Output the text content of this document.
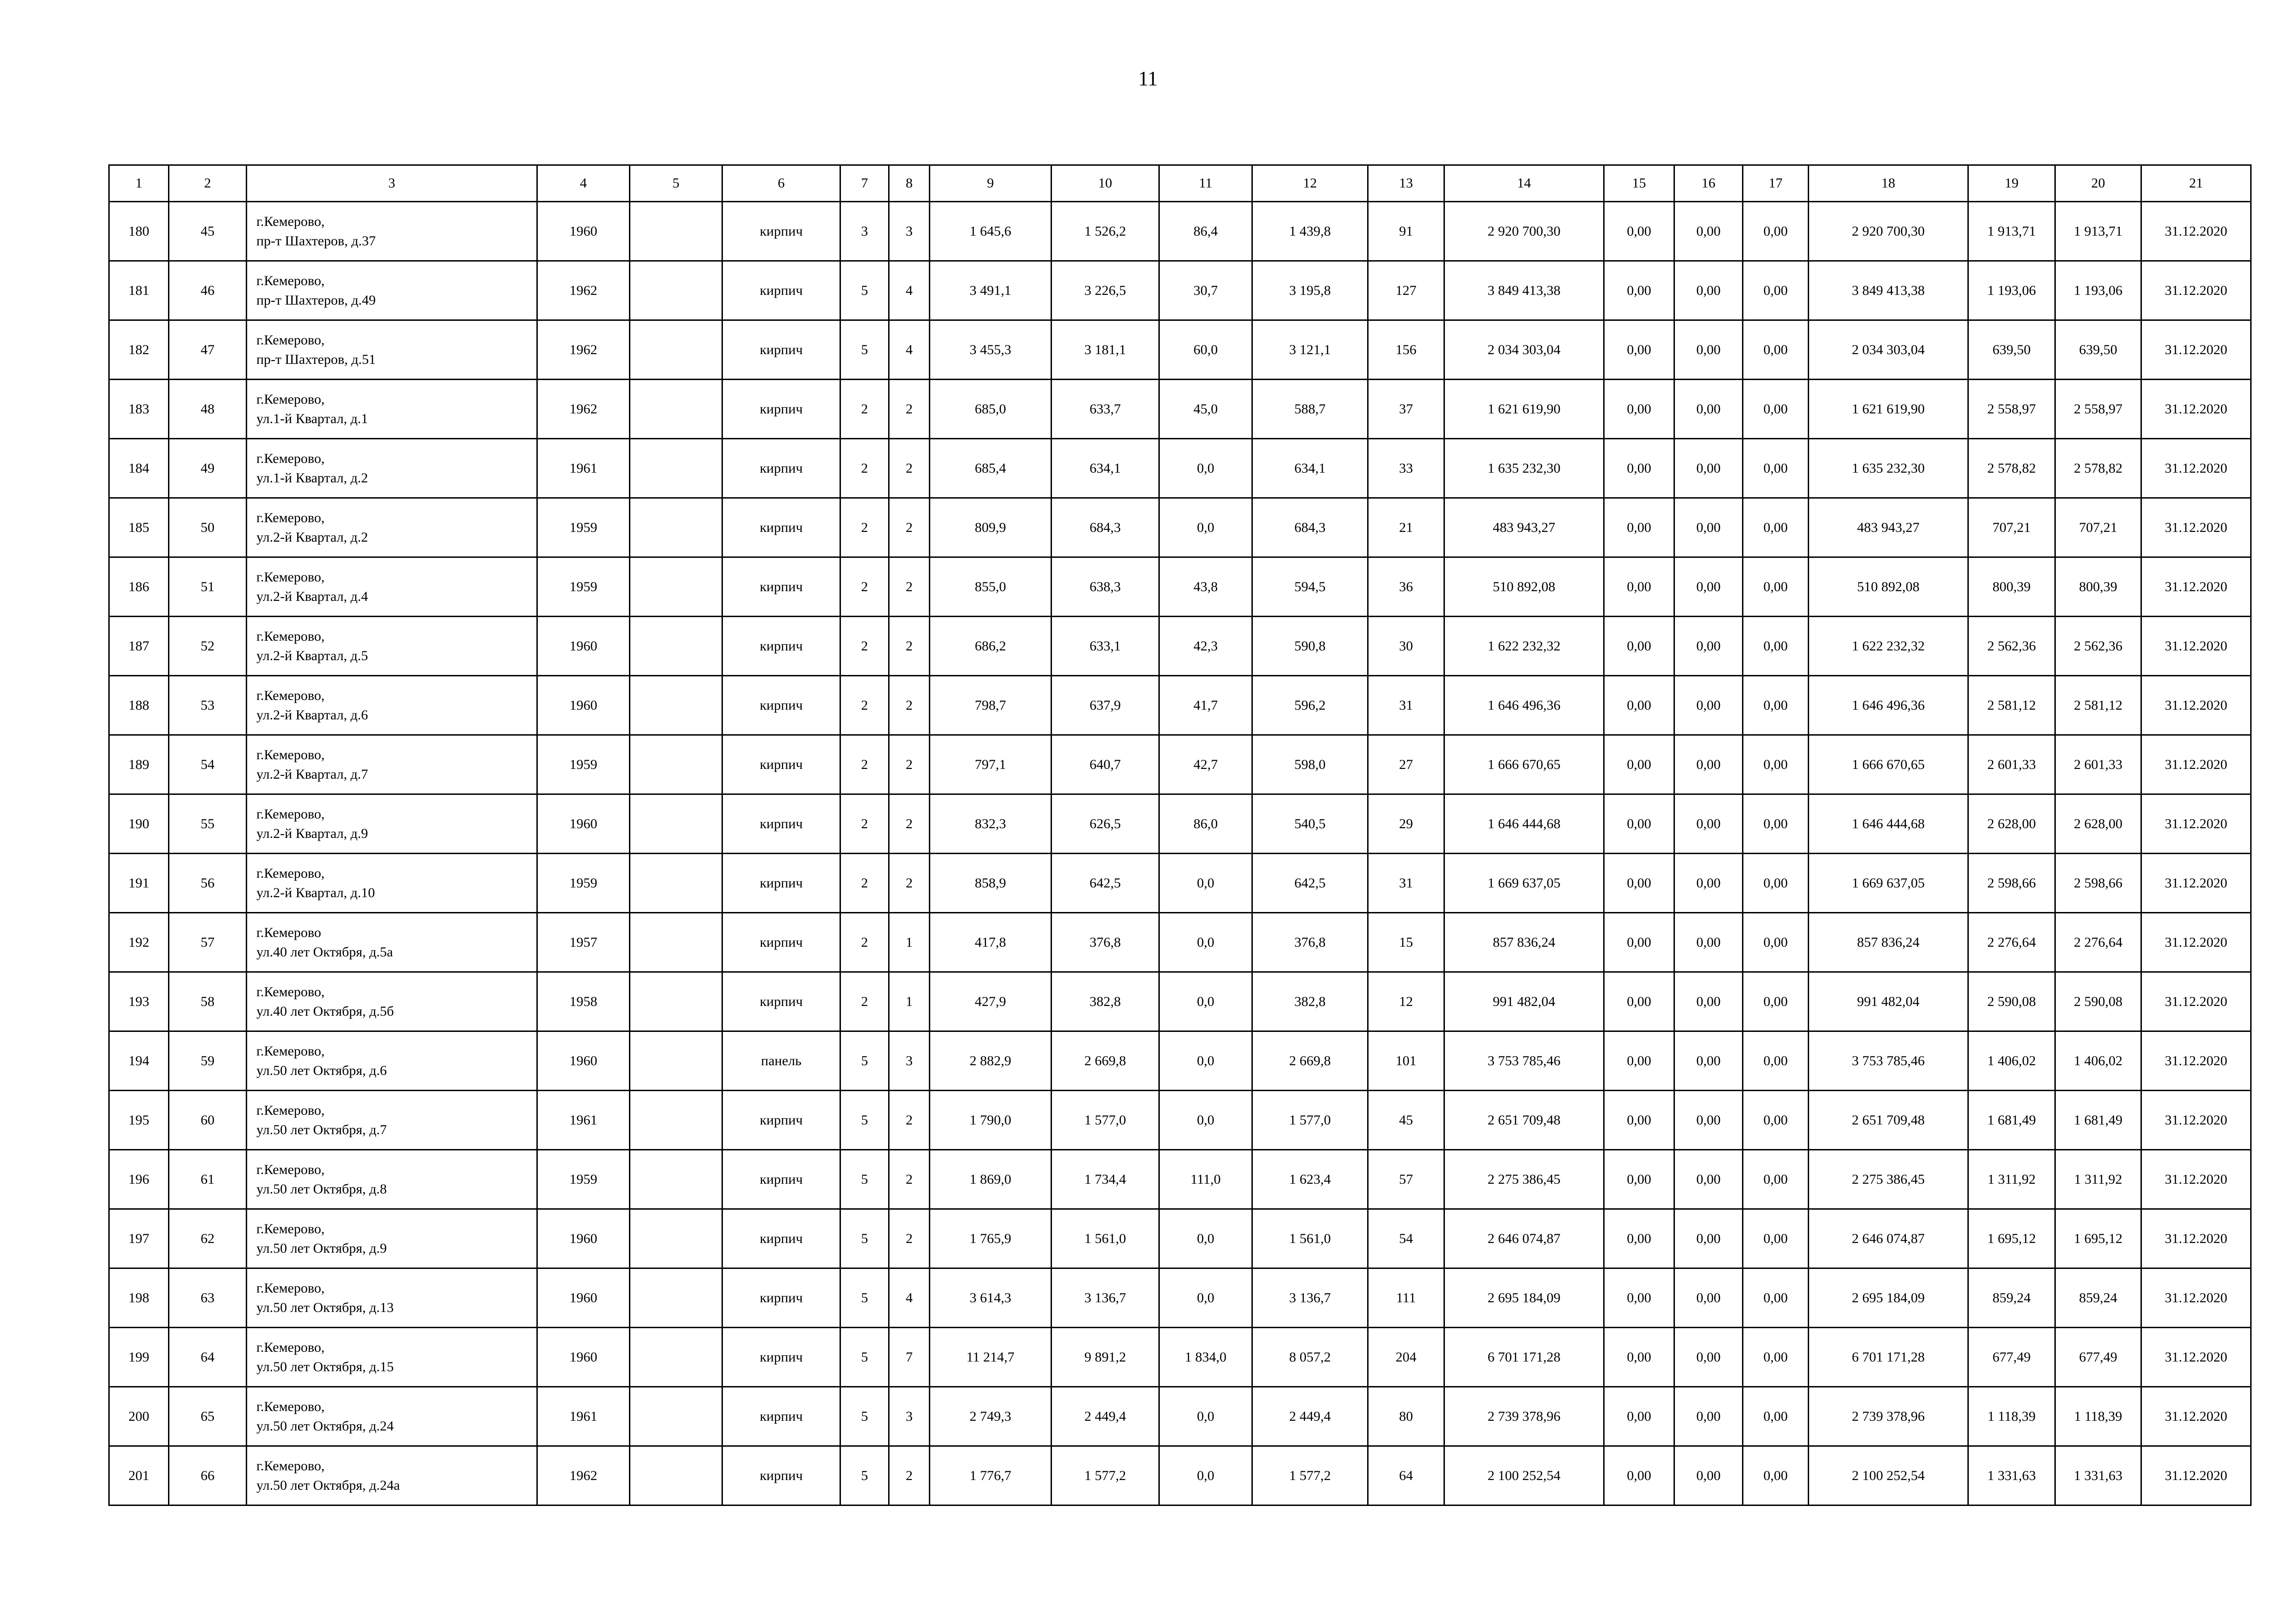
11
1	2	3	4	5	6	7	8	9	10	11	12	13	14	15	16	17	18	19	20	21
180	45	г.Кемерово,
пр-т Шахтеров, д.37	1960		кирпич	3	3	1 645,6	1 526,2	86,4	1 439,8	91	2 920 700,30	0,00	0,00	0,00	2 920 700,30	1 913,71	1 913,71	31.12.2020
181	46	г.Кемерово,
пр-т Шахтеров, д.49	1962		кирпич	5	4	3 491,1	3 226,5	30,7	3 195,8	127	3 849 413,38	0,00	0,00	0,00	3 849 413,38	1 193,06	1 193,06	31.12.2020
182	47	г.Кемерово,
пр-т Шахтеров, д.51	1962		кирпич	5	4	3 455,3	3 181,1	60,0	3 121,1	156	2 034 303,04	0,00	0,00	0,00	2 034 303,04	639,50	639,50	31.12.2020
183	48	г.Кемерово,
ул.1-й Квартал, д.1	1962		кирпич	2	2	685,0	633,7	45,0	588,7	37	1 621 619,90	0,00	0,00	0,00	1 621 619,90	2 558,97	2 558,97	31.12.2020
184	49	г.Кемерово,
ул.1-й Квартал, д.2	1961		кирпич	2	2	685,4	634,1	0,0	634,1	33	1 635 232,30	0,00	0,00	0,00	1 635 232,30	2 578,82	2 578,82	31.12.2020
185	50	г.Кемерово,
ул.2-й Квартал, д.2	1959		кирпич	2	2	809,9	684,3	0,0	684,3	21	483 943,27	0,00	0,00	0,00	483 943,27	707,21	707,21	31.12.2020
186	51	г.Кемерово,
ул.2-й Квартал, д.4	1959		кирпич	2	2	855,0	638,3	43,8	594,5	36	510 892,08	0,00	0,00	0,00	510 892,08	800,39	800,39	31.12.2020
187	52	г.Кемерово,
ул.2-й Квартал, д.5	1960		кирпич	2	2	686,2	633,1	42,3	590,8	30	1 622 232,32	0,00	0,00	0,00	1 622 232,32	2 562,36	2 562,36	31.12.2020
188	53	г.Кемерово,
ул.2-й Квартал, д.6	1960		кирпич	2	2	798,7	637,9	41,7	596,2	31	1 646 496,36	0,00	0,00	0,00	1 646 496,36	2 581,12	2 581,12	31.12.2020
189	54	г.Кемерово,
ул.2-й Квартал, д.7	1959		кирпич	2	2	797,1	640,7	42,7	598,0	27	1 666 670,65	0,00	0,00	0,00	1 666 670,65	2 601,33	2 601,33	31.12.2020
190	55	г.Кемерово,
ул.2-й Квартал, д.9	1960		кирпич	2	2	832,3	626,5	86,0	540,5	29	1 646 444,68	0,00	0,00	0,00	1 646 444,68	2 628,00	2 628,00	31.12.2020
191	56	г.Кемерово,
ул.2-й Квартал, д.10	1959		кирпич	2	2	858,9	642,5	0,0	642,5	31	1 669 637,05	0,00	0,00	0,00	1 669 637,05	2 598,66	2 598,66	31.12.2020
192	57	г.Кемерово
ул.40 лет Октября, д.5а	1957		кирпич	2	1	417,8	376,8	0,0	376,8	15	857 836,24	0,00	0,00	0,00	857 836,24	2 276,64	2 276,64	31.12.2020
193	58	г.Кемерово,
ул.40 лет Октября, д.5б	1958		кирпич	2	1	427,9	382,8	0,0	382,8	12	991 482,04	0,00	0,00	0,00	991 482,04	2 590,08	2 590,08	31.12.2020
194	59	г.Кемерово,
ул.50 лет Октября, д.6	1960		панель	5	3	2 882,9	2 669,8	0,0	2 669,8	101	3 753 785,46	0,00	0,00	0,00	3 753 785,46	1 406,02	1 406,02	31.12.2020
195	60	г.Кемерово,
ул.50 лет Октября, д.7	1961		кирпич	5	2	1 790,0	1 577,0	0,0	1 577,0	45	2 651 709,48	0,00	0,00	0,00	2 651 709,48	1 681,49	1 681,49	31.12.2020
196	61	г.Кемерово,
ул.50 лет Октября, д.8	1959		кирпич	5	2	1 869,0	1 734,4	111,0	1 623,4	57	2 275 386,45	0,00	0,00	0,00	2 275 386,45	1 311,92	1 311,92	31.12.2020
197	62	г.Кемерово,
ул.50 лет Октября, д.9	1960		кирпич	5	2	1 765,9	1 561,0	0,0	1 561,0	54	2 646 074,87	0,00	0,00	0,00	2 646 074,87	1 695,12	1 695,12	31.12.2020
198	63	г.Кемерово,
ул.50 лет Октября, д.13	1960		кирпич	5	4	3 614,3	3 136,7	0,0	3 136,7	111	2 695 184,09	0,00	0,00	0,00	2 695 184,09	859,24	859,24	31.12.2020
199	64	г.Кемерово,
ул.50 лет Октября, д.15	1960		кирпич	5	7	11 214,7	9 891,2	1 834,0	8 057,2	204	6 701 171,28	0,00	0,00	0,00	6 701 171,28	677,49	677,49	31.12.2020
200	65	г.Кемерово,
ул.50 лет Октября, д.24	1961		кирпич	5	3	2 749,3	2 449,4	0,0	2 449,4	80	2 739 378,96	0,00	0,00	0,00	2 739 378,96	1 118,39	1 118,39	31.12.2020
201	66	г.Кемерово,
ул.50 лет Октября, д.24а	1962		кирпич	5	2	1 776,7	1 577,2	0,0	1 577,2	64	2 100 252,54	0,00	0,00	0,00	2 100 252,54	1 331,63	1 331,63	31.12.2020
